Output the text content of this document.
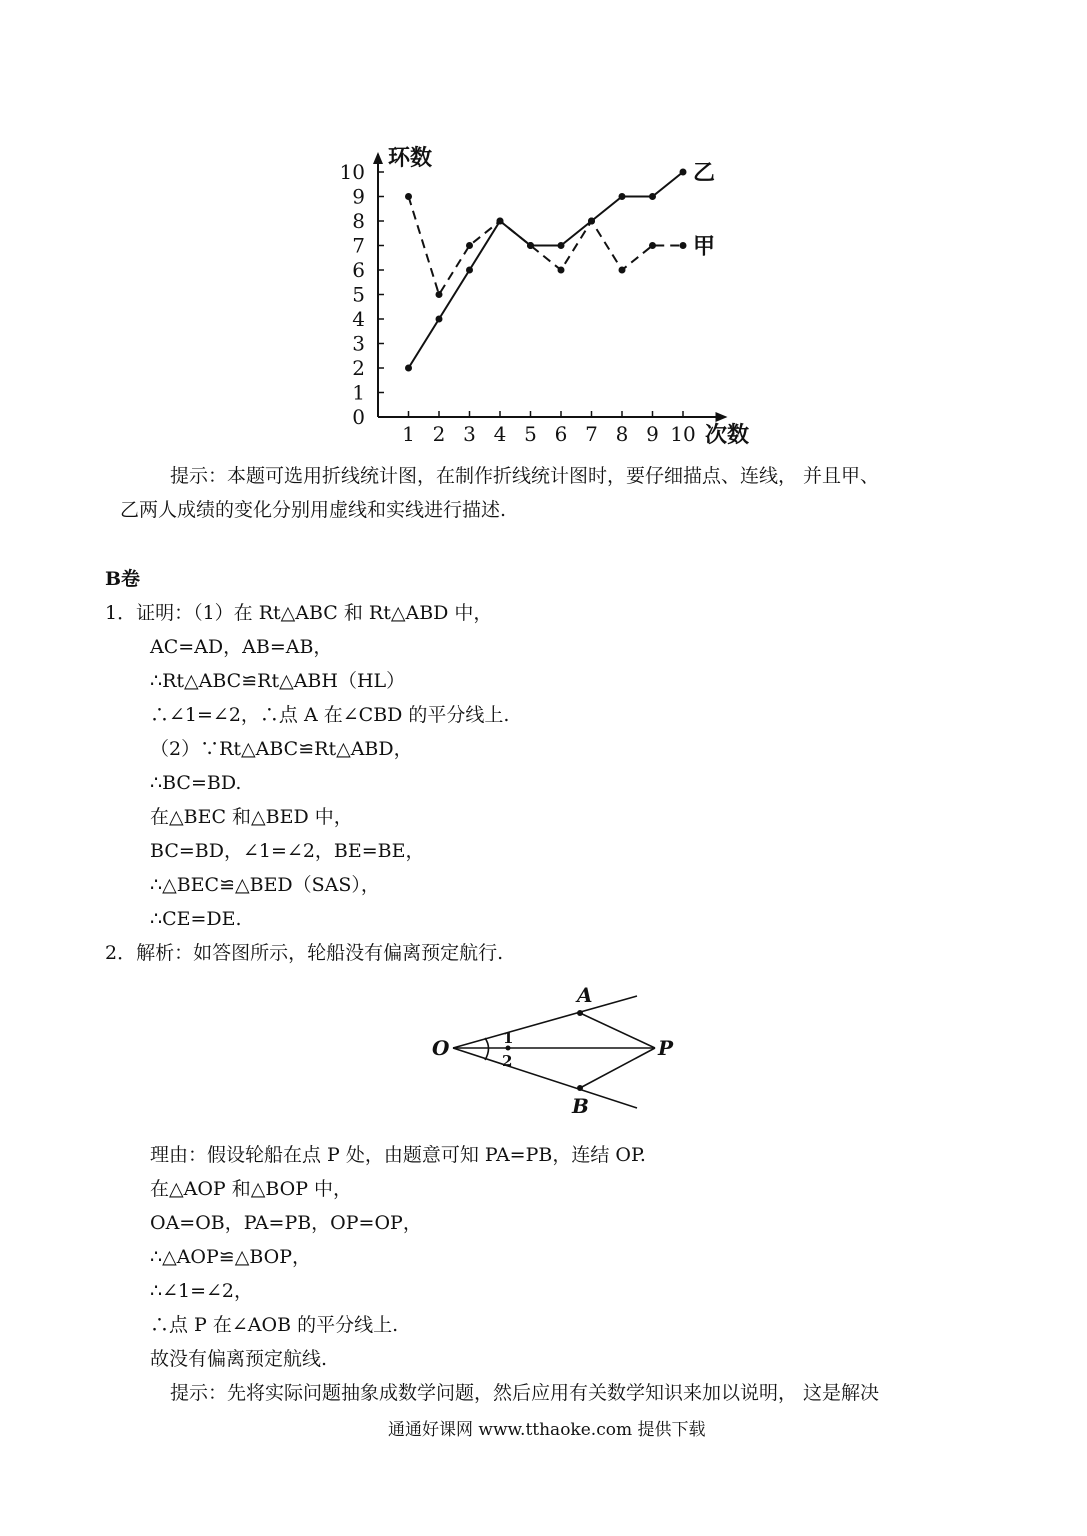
0
1
2
3
4
5
6
7
8
9
10
1 2 3 4 5 6 7 8 9 10
甲
乙
环数
次数
提示：本题可选用折线统计图，在制作折线统计图时，要仔细描点、连线， 并且甲、
乙两人成绩的变化分别用虚线和实线进行描述.
B卷
1．证明：（1）在 Rt△ABC 和 Rt△ABD 中，
AC=AD，AB=AB，
∴Rt△ABC≌Rt△ABH（HL）
∴∠1=∠2，∴点 A 在∠CBD 的平分线上.
（2）∵Rt△ABC≌Rt△ABD，
∴BC=BD.
在△BEC 和△BED 中，
BC=BD，∠1=∠2，BE=BE，
∴△BEC≌△BED（SAS），
∴CE=DE.
2．解析：如答图所示，轮船没有偏离预定航行.
O
A
P
B
1
2
理由：假设轮船在点 P 处，由题意可知 PA=PB，连结 OP.
在△AOP 和△BOP 中，
OA=OB，PA=PB，OP=OP，
∴△AOP≌△BOP，
∴∠1=∠2，
∴点 P 在∠AOB 的平分线上.
故没有偏离预定航线.
提示：先将实际问题抽象成数学问题，然后应用有关数学知识来加以说明， 这是解决
通通好课网 www.tthaoke.com 提供下载
